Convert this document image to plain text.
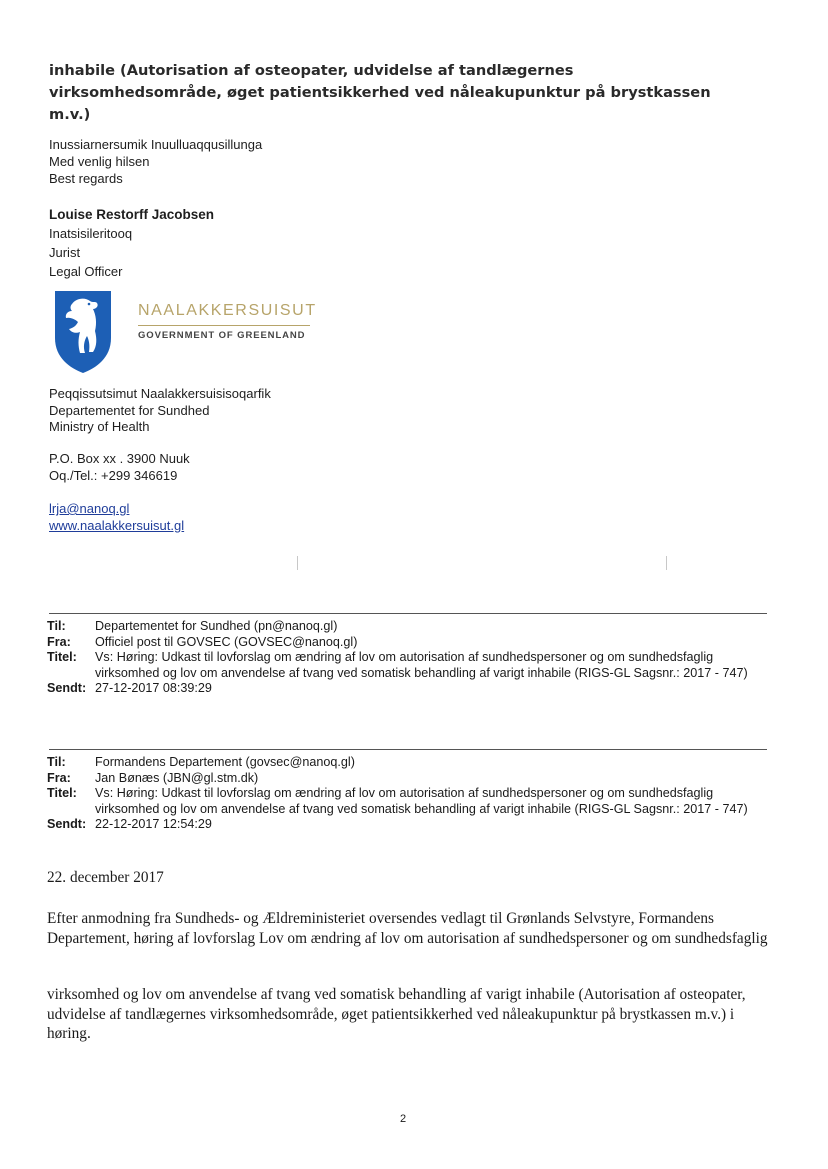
inhabile (Autorisation af osteopater, udvidelse af tandlægernes virksomhedsområde, øget patientsikkerhed ved nåleakupunktur på brystkassen m.v.)

Inussiarnersumik Inuulluaqqusillunga
Med venlig hilsen
Best regards
Louise Restorff Jacobsen
Inatsisileritooq
Jurist
Legal Officer
NAALAKKERSUISUT
GOVERNMENT OF GREENLAND
Peqqissutsimut Naalakkersuisisoqarfik
Departementet for Sundhed
Ministry of Health
P.O. Box xx . 3900 Nuuk
Oq./Tel.: +299 346619
lrja@nanoq.gl
www.naalakkersuisut.gl
Til:	Departementet for Sundhed (pn@nanoq.gl)
Fra:	Officiel post til GOVSEC (GOVSEC@nanoq.gl)
Titel:	Vs: Høring: Udkast til lovforslag om ændring af lov om autorisation af sundhedspersoner og om sundhedsfaglig virksomhed og lov om anvendelse af tvang ved somatisk behandling af varigt inhabile (RIGS-GL Sagsnr.: 2017 - 747)
Sendt: 27-12-2017 08:39:29
Til:	Formandens Departement (govsec@nanoq.gl)
Fra:	Jan Bønæs (JBN@gl.stm.dk)
Titel:	Vs: Høring: Udkast til lovforslag om ændring af lov om autorisation af sundhedspersoner og om sundhedsfaglig virksomhed og lov om anvendelse af tvang ved somatisk behandling af varigt inhabile (RIGS-GL Sagsnr.: 2017 - 747)
Sendt: 22-12-2017 12:54:29
22. december 2017
Efter anmodning fra Sundheds- og Ældreministeriet oversendes vedlagt til Grønlands Selvstyre, Formandens Departement, høring af lovforslag Lov om ændring af lov om autorisation af sundhedspersoner og om sundhedsfaglig
virksomhed og lov om anvendelse af tvang ved somatisk behandling af varigt inhabile (Autorisation af osteopater, udvidelse af tandlægernes virksomhedsområde, øget patientsikkerhed ved nåleakupunktur på brystkassen m.v.) i høring.
2
